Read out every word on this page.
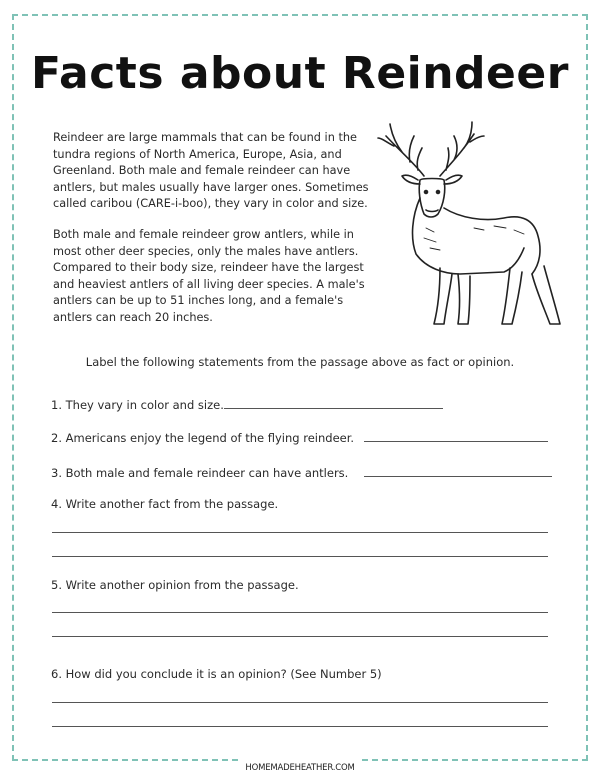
Facts about Reindeer
Reindeer are large mammals that can be found in the tundra regions of North America, Europe, Asia, and Greenland. Both male and female reindeer can have antlers, but males usually have larger ones. Sometimes called caribou (CARE-i-boo), they vary in color and size.
Both male and female reindeer grow antlers, while in most other deer species, only the males have antlers. Compared to their body size, reindeer have the largest and heaviest antlers of all living deer species. A male's antlers can be up to 51 inches long, and a female's antlers can reach 20 inches.
Label the following statements from the passage above as fact or opinion.
1. They vary in color and size.
2. Americans enjoy the legend of the flying reindeer.
3. Both male and female reindeer can have antlers.
4. Write another fact from the passage.
5. Write another opinion from the passage.
6. How did you conclude it is an opinion? (See Number 5)
HOMEMADEHEATHER.COM
